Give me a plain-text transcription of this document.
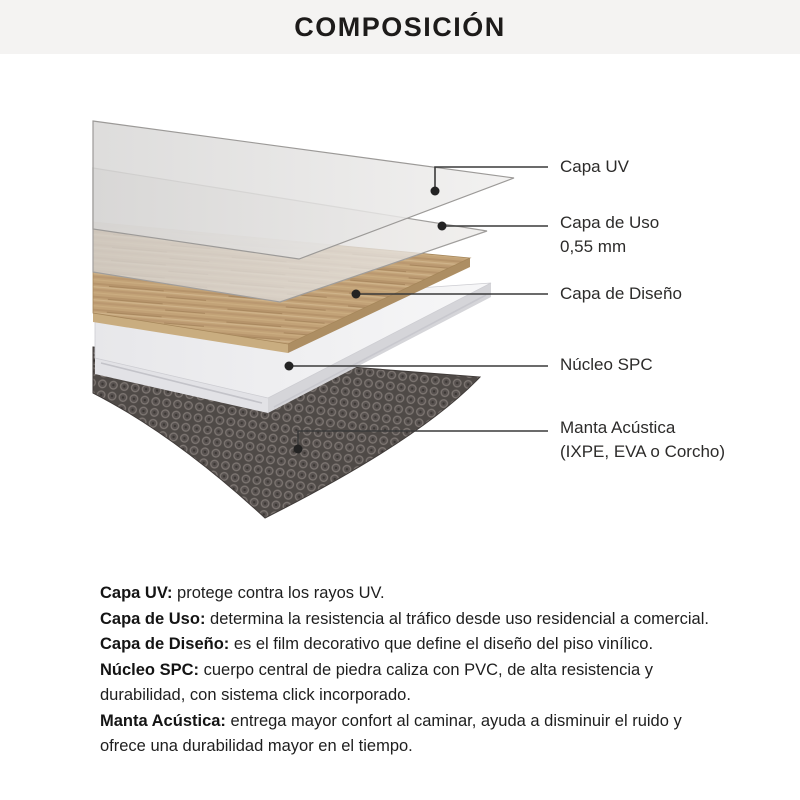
COMPOSICIÓN
Capa UV
Capa de Uso
0,55 mm
Capa de Diseño
Núcleo SPC
Manta Acústica
(IXPE, EVA o Corcho)

Capa UV: protege contra los rayos UV.

Capa de Uso: determina la resistencia al tráfico desde uso residencial a comercial.

Capa de Diseño: es el film decorativo que define el diseño del piso vinílico.

Núcleo SPC: cuerpo central de piedra caliza con PVC, de alta resistencia y
durabilidad, con sistema click incorporado.

Manta Acústica: entrega mayor confort al caminar, ayuda a disminuir el ruido y
ofrece una durabilidad mayor en el tiempo.
